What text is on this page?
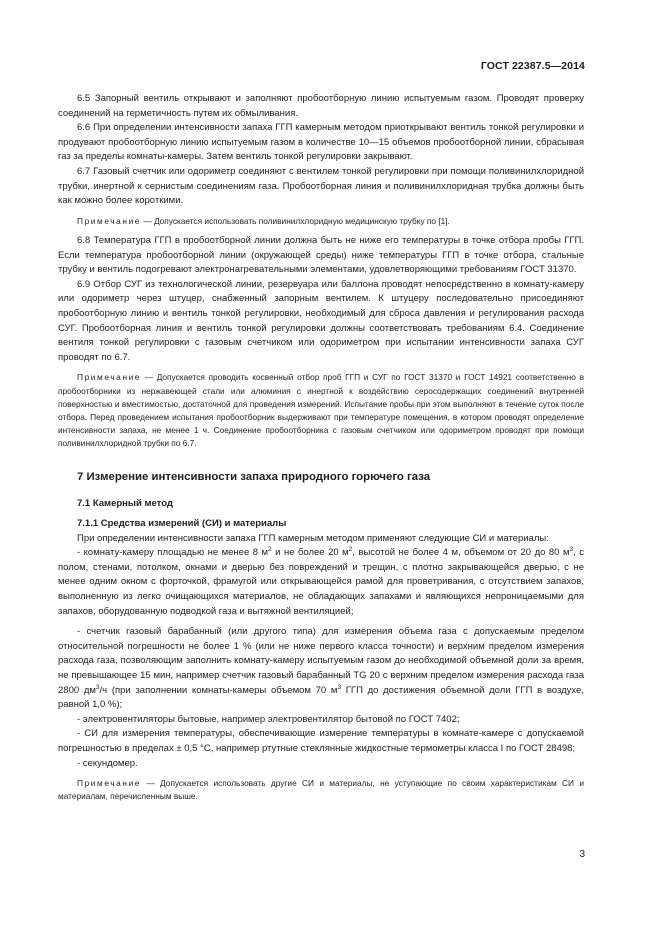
ГОСТ 22387.5—2014

6.5 Запорный вентиль открывают и заполняют пробоотборную линию испытуемым газом. Проводят проверку соединений на герметичность путем их обмыливания.

6.6 При определении интенсивности запаха ГГП камерным методом приоткрывают вентиль тонкой регулировки и продувают пробоотборную линию испытуемым газом в количестве 10—15 объемов пробоотборной линии, сбрасывая газ за пределы комнаты-камеры. Затем вентиль тонкой регулировки закрывают.

6.7 Газовый счетчик или одориметр соединяют с вентилем тонкой регулировки при помощи поливинилхлоридной трубки, инертной к сернистым соединениям газа. Пробоотборная линия и поливинилхлоридная трубка должны быть как можно более короткими.

Примечание — Допускается использовать поливинилхлоридную медицинскую трубку по [1].

6.8 Температура ГГП в пробоотборной линии должна быть не ниже его температуры в точке отбора пробы ГГП. Если температура пробоотборной линии (окружающей среды) ниже температуры ГГП в точке отбора, стальные трубку и вентиль подогревают электронагревательными элементами, удовлетворяющими требованиям ГОСТ 31370.

6.9 Отбор СУГ из технологической линии, резервуара или баллона проводят непосредственно в комнату-камеру или одориметр через штуцер, снабженный запорным вентилем. К штуцеру последовательно присоединяют пробоотборную линию и вентиль тонкой регулировки, необходимый для сброса давления и регулирования расхода СУГ. Пробоотборная линия и вентиль тонкой регулировки должны соответствовать требованиям 6.4. Соединение вентиля тонкой регулировки с газовым счетчиком или одориметром при испытании интенсивности запаха СУГ проводят по 6.7.

Примечание — Допускается проводить косвенный отбор проб ГГП и СУГ по ГОСТ 31370 и ГОСТ 14921 соответственно в пробоотборники из нержавеющей стали или алюминия с инертной к воздействию серосодержащих соединений внутренней поверхностью и вместимостью, достаточной для проведения измерений. Испытание пробы при этом выполняют в течение суток после отбора. Перед проведением испытания пробоотборник выдерживают при температуре помещения, в котором проводят определение интенсивности запаха, не менее 1 ч. Соединение пробоотборника с газовым счетчиком или одориметром проводят при помощи поливинилхлоридной трубки по 6.7.

7 Измерение интенсивности запаха природного горючего газа

7.1 Камерный метод

7.1.1 Средства измерений (СИ) и материалы

При определении интенсивности запаха ГГП камерным методом применяют следующие СИ и материалы:

- комнату-камеру площадью не менее 8 $м^2$ и не более 20 $м^2$, высотой не более 4 м, объемом от 20 до 80 $м^3$, с полом, стенами, потолком, окнами и дверью без повреждений и трещин, с плотно закрывающейся дверью, с не менее одним окном с форточкой, фрамугой или открывающейся рамой для проветривания, с отсутствием запахов, выполненную из легко очищающихся материалов, не обладающих запахами и являющихся непроницаемыми для запахов, оборудованную подводкой газа и вытяжной вентиляцией;

- счетчик газовый барабанный (или другого типа) для измерения объема газа с допускаемым пределом относительной погрешности не более 1 % (или не ниже первого класса точности) и верхним пределом измерения расхода газа, позволяющим заполнить комнату-камеру испытуемым газом до необходимой объемной доли за время, не превышающее 15 мин, например счетчик газовый барабанный TG 20 с верхним пределом измерения расхода газа 2800 $дм^3/ч$ (при заполнении комнаты-камеры объемом 70 $м^3$ ГГП до достижения объемной доли ГГП в воздухе, равной 1,0 %);

- электровентиляторы бытовые, например электровентилятор бытовой по ГОСТ 7402;

- СИ для измерения температуры, обеспечивающие измерение температуры в комнате-камере с допускаемой погрешностью в пределах ± 0,5 °С, например ртутные стеклянные жидкостные термометры класса I по ГОСТ 28498;

- секундомер.

Примечание — Допускается использовать другие СИ и материалы, не уступающие по своим характеристикам СИ и материалам, перечисленным выше.

3
